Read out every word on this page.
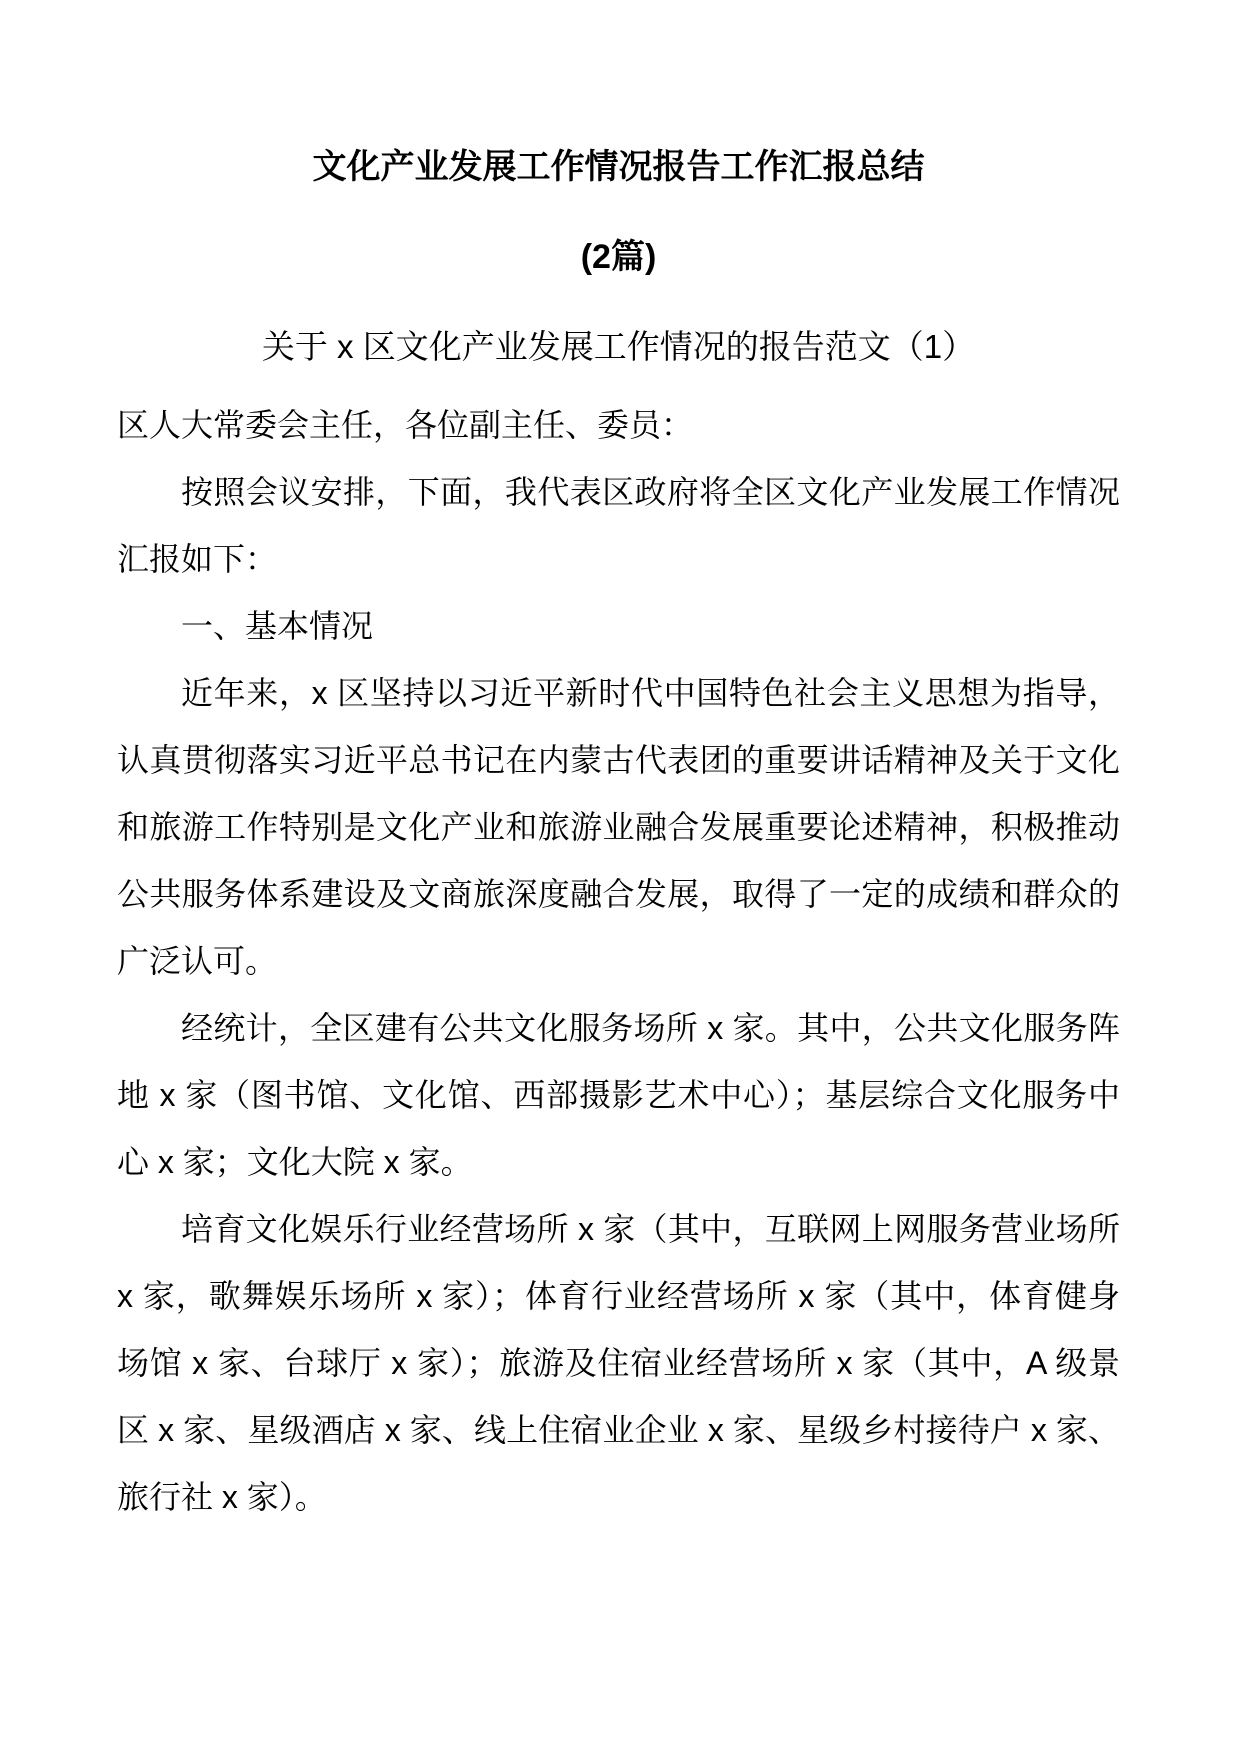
文化产业发展工作情况报告工作汇报总结
(2篇)
关于 x 区文化产业发展工作情况的报告范文（1）

区人大常委会主任，各位副主任、委员：

按照会议安排，下面，我代表区政府将全区文化产业发展工作情况汇报如下：

一、基本情况

近年来，x 区坚持以习近平新时代中国特色社会主义思想为指导，认真贯彻落实习近平总书记在内蒙古代表团的重要讲话精神及关于文化和旅游工作特别是文化产业和旅游业融合发展重要论述精神，积极推动公共服务体系建设及文商旅深度融合发展，取得了一定的成绩和群众的广泛认可。

经统计，全区建有公共文化服务场所 x 家。其中，公共文化服务阵地 x 家（图书馆、文化馆、西部摄影艺术中心）；基层综合文化服务中心 x 家；文化大院 x 家。

培育文化娱乐行业经营场所 x 家（其中，互联网上网服务营业场所 x 家，歌舞娱乐场所 x 家）；体育行业经营场所 x 家（其中，体育健身场馆 x 家、台球厅 x 家）；旅游及住宿业经营场所 x 家（其中，A 级景区 x 家、星级酒店 x 家、线上住宿业企业 x 家、星级乡村接待户 x 家、旅行社 x 家）。
